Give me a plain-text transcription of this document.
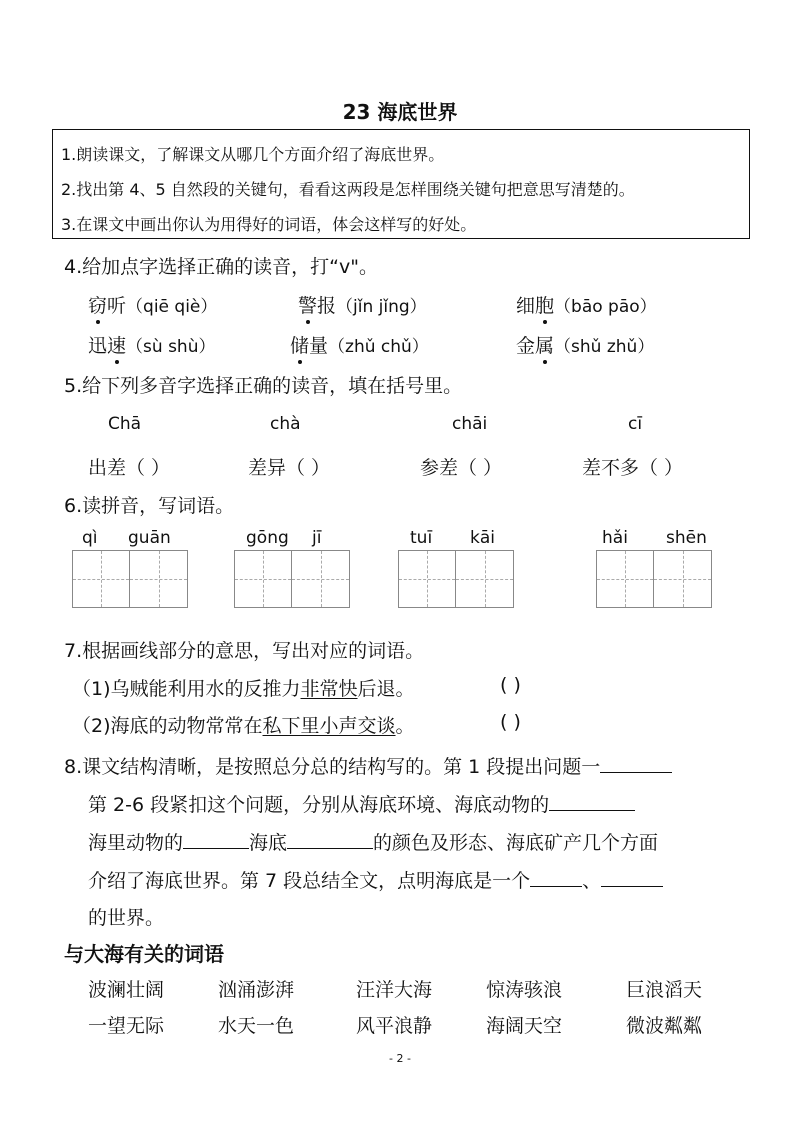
23 海底世界
1.朗读课文，了解课文从哪几个方面介绍了海底世界。
2.找出第 4、5 自然段的关键句，看看这两段是怎样围绕关键句把意思写清楚的。
3.在课文中画出你认为用得好的词语，体会这样写的好处。
4.给加点字选择正确的读音，打“v"。
窃听（qiē qiè）	警报（jǐn jǐng）	细胞（bāo pāo）
迅速（sù shù）	储量（zhǔ chǔ）	金属（shǔ zhǔ）
5.给下列多音字选择正确的读音，填在括号里。
Chā	chà	chāi	cī
出差（ ）	差异（ ）	参差（ ）	差不多（ ）
6.读拼音，写词语。
qì guān	gōng jī	tuī kāi	hǎi shēn
7.根据画线部分的意思，写出对应的词语。
（1)乌贼能利用水的反推力非常快后退。	( )
（2)海底的动物常常在私下里小声交谈。	( )
8.课文结构清晰，是按照总分总的结构写的。第 1 段提出问题一
第 2-6 段紧扣这个问题，分别从海底环境、海底动物的
海里动物的	海底	的颜色及形态、海底矿产几个方面
介绍了海底世界。第 7 段总结全文，点明海底是一个	、
的世界。
与大海有关的词语
波澜壮阔	汹涌澎湃	汪洋大海	惊涛骇浪	巨浪滔天
一望无际	水天一色	风平浪静	海阔天空	微波粼粼
- 2 -
